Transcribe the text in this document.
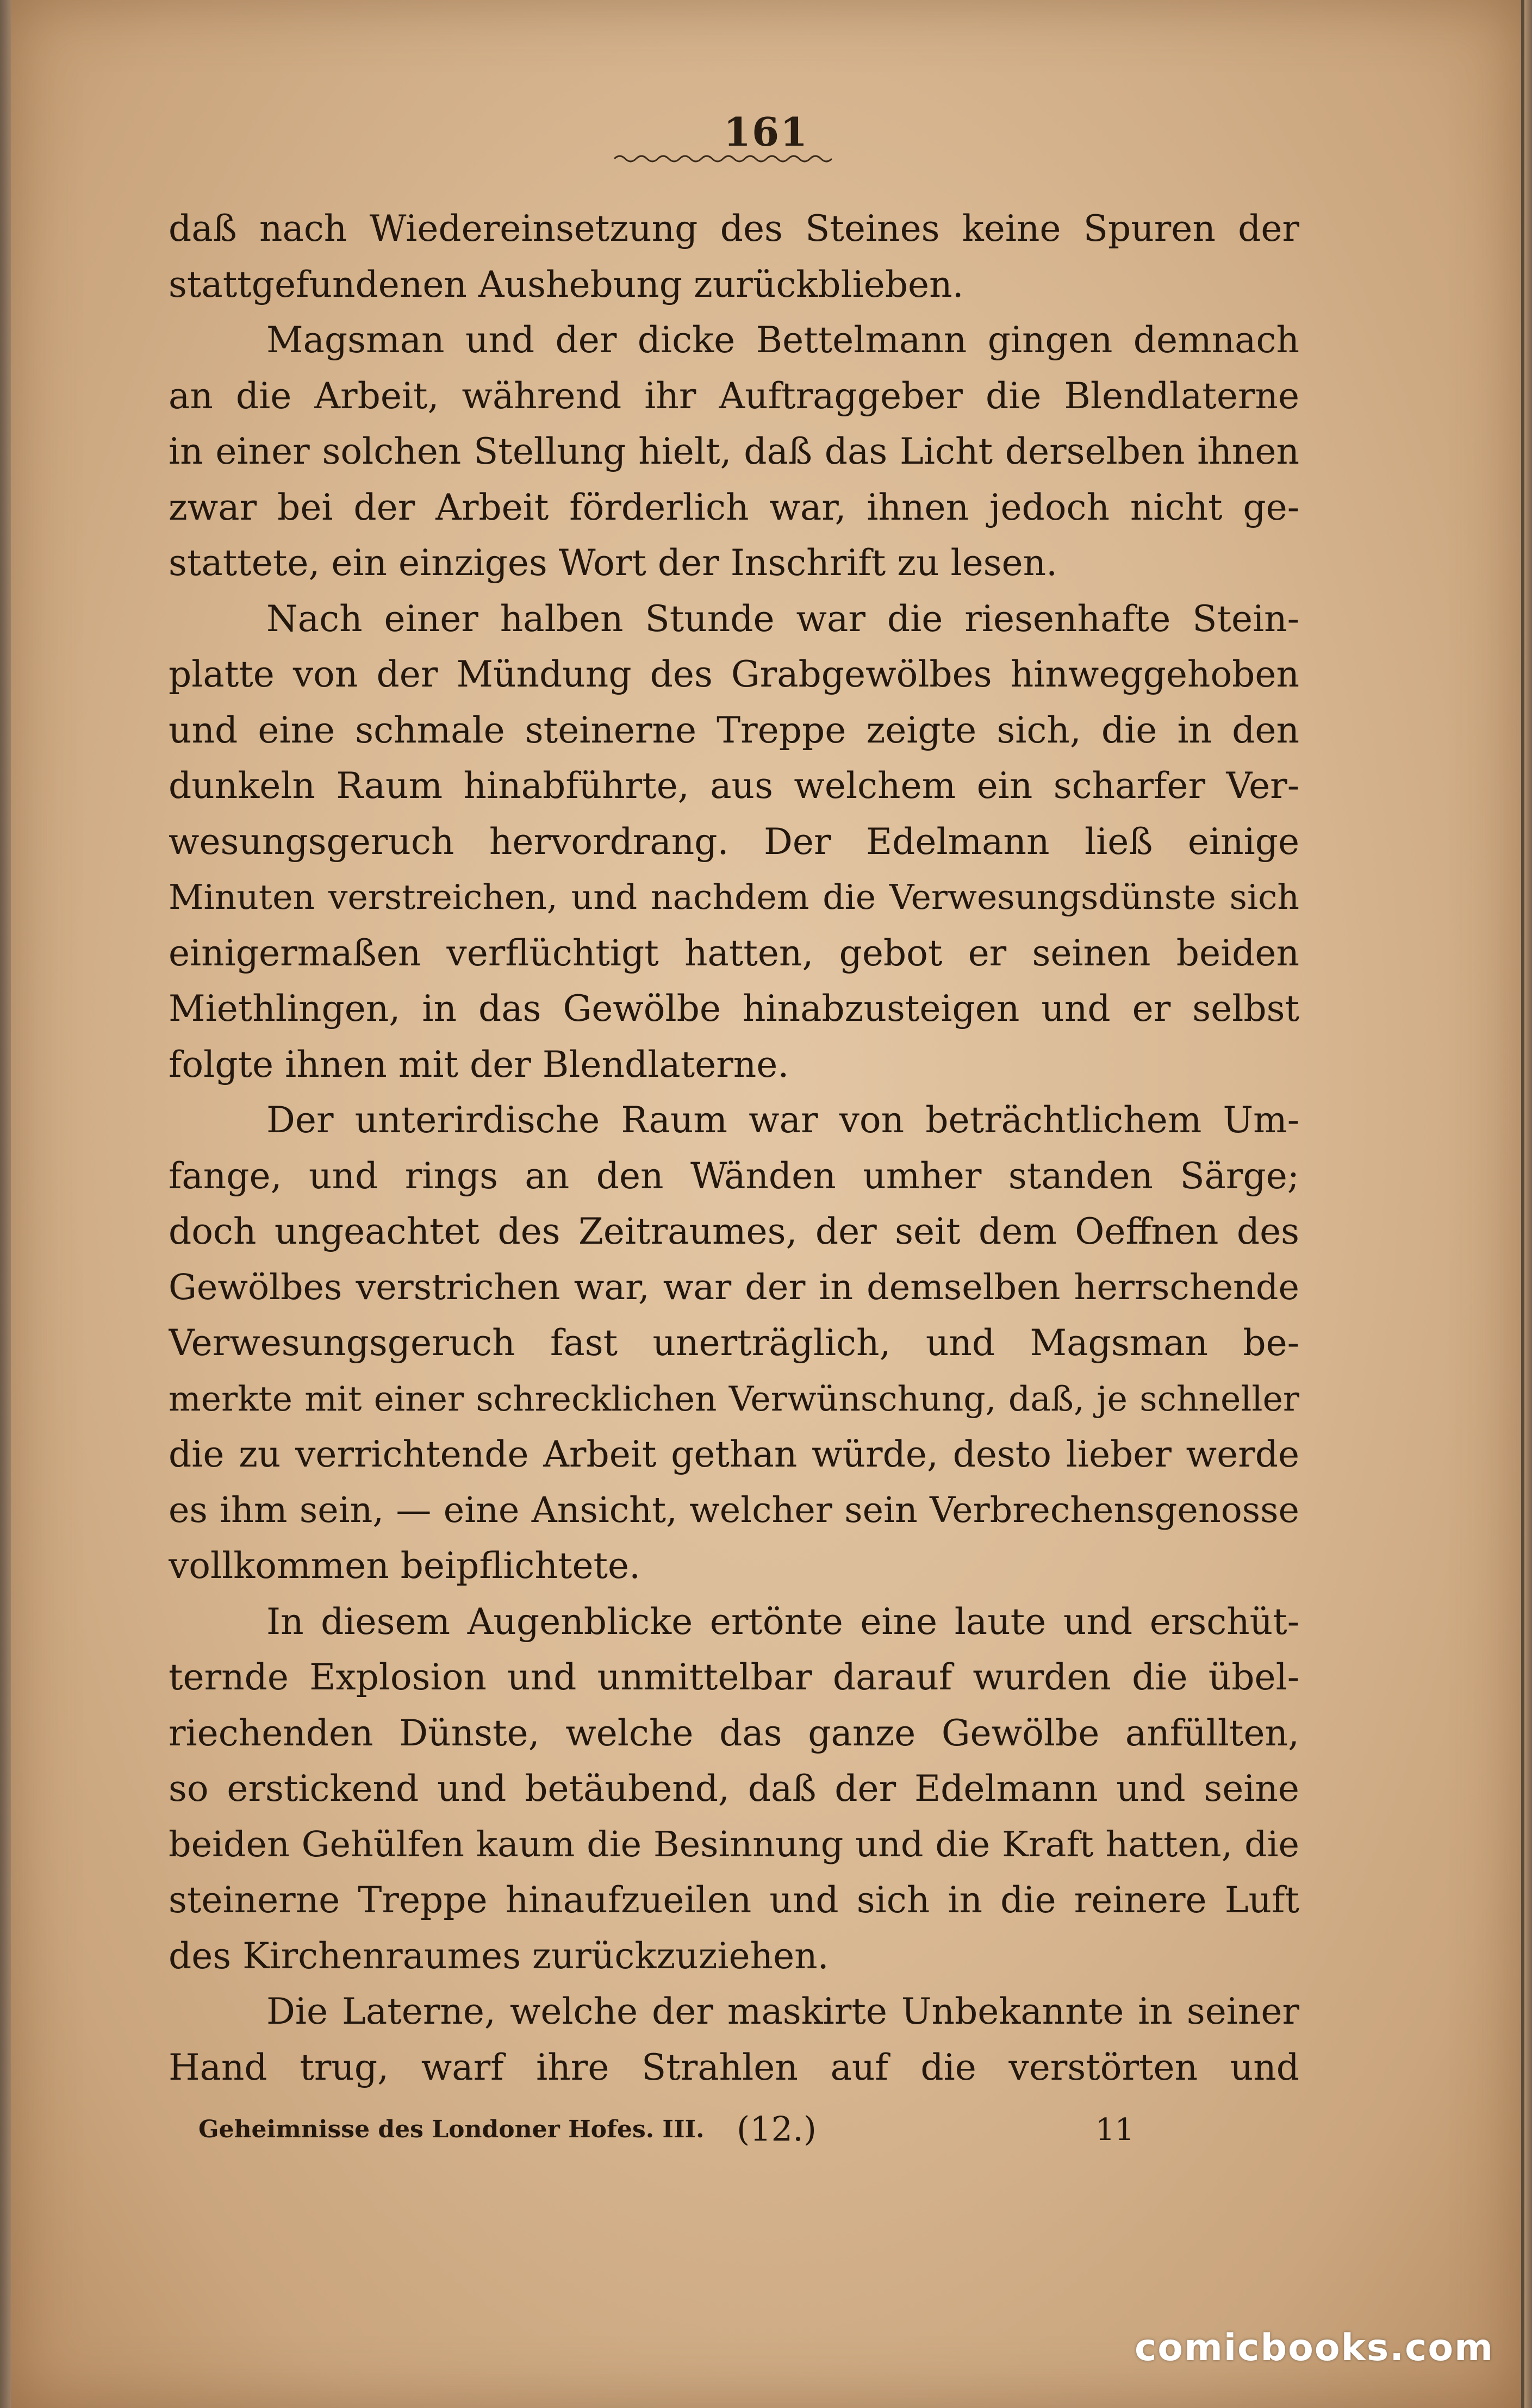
161
daß nach Wiedereinsetzung des Steines keine Spuren der
stattgefundenen Aushebung zurückblieben.
Magsman und der dicke Bettelmann gingen demnach
an die Arbeit, während ihr Auftraggeber die Blendlaterne
in einer solchen Stellung hielt, daß das Licht derselben ihnen
zwar bei der Arbeit förderlich war, ihnen jedoch nicht ge-
stattete, ein einziges Wort der Inschrift zu lesen.
Nach einer halben Stunde war die riesenhafte Stein-
platte von der Mündung des Grabgewölbes hinweggehoben
und eine schmale steinerne Treppe zeigte sich, die in den
dunkeln Raum hinabführte, aus welchem ein scharfer Ver-
wesungsgeruch hervordrang. Der Edelmann ließ einige
Minuten verstreichen, und nachdem die Verwesungsdünste sich
einigermaßen verflüchtigt hatten, gebot er seinen beiden
Miethlingen, in das Gewölbe hinabzusteigen und er selbst
folgte ihnen mit der Blendlaterne.
Der unterirdische Raum war von beträchtlichem Um-
fange, und rings an den Wänden umher standen Särge;
doch ungeachtet des Zeitraumes, der seit dem Oeffnen des
Gewölbes verstrichen war, war der in demselben herrschende
Verwesungsgeruch fast unerträglich, und Magsman be-
merkte mit einer schrecklichen Verwünschung, daß, je schneller
die zu verrichtende Arbeit gethan würde, desto lieber werde
es ihm sein, — eine Ansicht, welcher sein Verbrechensgenosse
vollkommen beipflichtete.
In diesem Augenblicke ertönte eine laute und erschüt-
ternde Explosion und unmittelbar darauf wurden die übel-
riechenden Dünste, welche das ganze Gewölbe anfüllten,
so erstickend und betäubend, daß der Edelmann und seine
beiden Gehülfen kaum die Besinnung und die Kraft hatten, die
steinerne Treppe hinaufzueilen und sich in die reinere Luft
des Kirchenraumes zurückzuziehen.
Die Laterne, welche der maskirte Unbekannte in seiner
Hand trug, warf ihre Strahlen auf die verstörten und
Geheimnisse des Londoner Hofes. III. (12.)	11
comicbooks.com
